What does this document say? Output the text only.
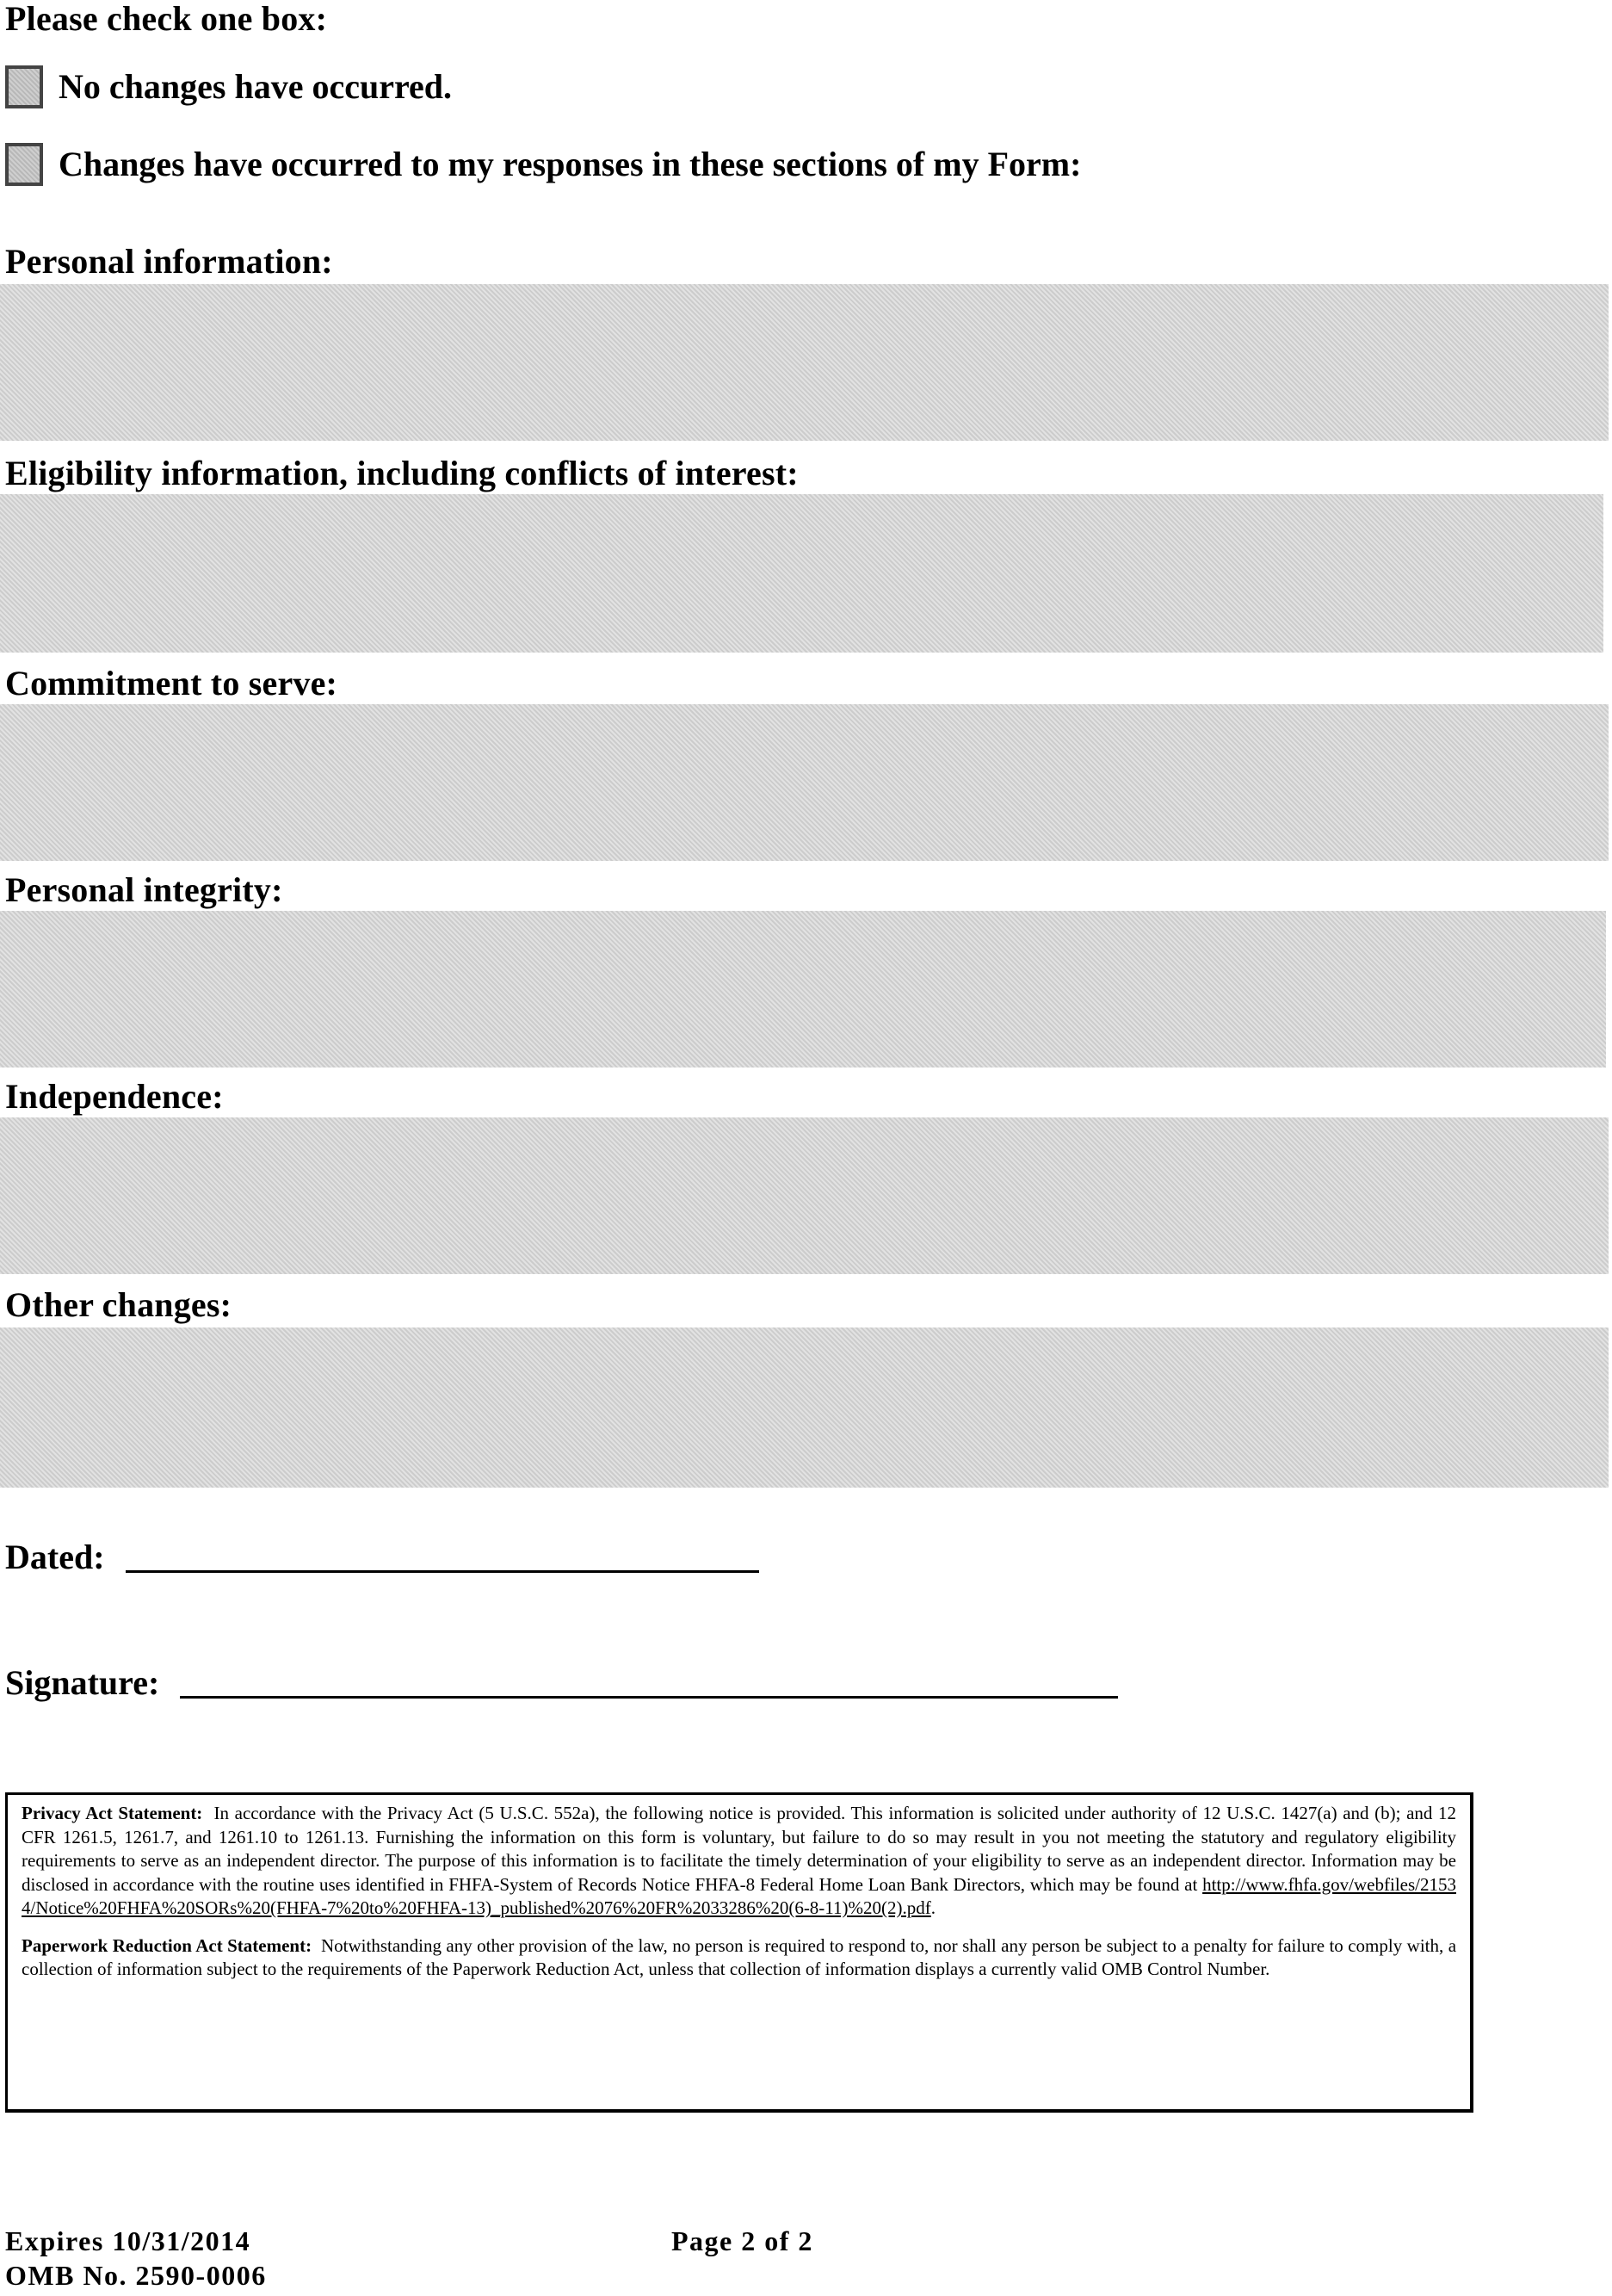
Please check one box:
No changes have occurred.
Changes have occurred to my responses in these sections of my Form:
Personal information:
Eligibility information, including conflicts of interest:
Commitment to serve:
Personal integrity:
Independence:
Other changes:
Dated:
Signature:

Privacy Act Statement: In accordance with the Privacy Act (5 U.S.C. 552a), the following notice is provided. This information is solicited under authority of 12 U.S.C. 1427(a) and (b); and 12 CFR 1261.5, 1261.7, and 1261.10 to 1261.13. Furnishing the information on this form is voluntary, but failure to do so may result in you not meeting the statutory and regulatory eligibility requirements to serve as an independent director. The purpose of this information is to facilitate the timely determination of your eligibility to serve as an independent director. Information may be disclosed in accordance with the routine uses identified in FHFA-System of Records Notice FHFA-8 Federal Home Loan Bank Directors, which may be found at http://www.fhfa.gov/webfiles/21534/Notice%20FHFA%20SORs%20(FHFA-7%20to%20FHFA-13)_published%2076%20FR%2033286%20(6-8-11)%20(2).pdf.

Paperwork Reduction Act Statement: Notwithstanding any other provision of the law, no person is required to respond to, nor shall any person be subject to a penalty for failure to comply with, a collection of information subject to the requirements of the Paperwork Reduction Act, unless that collection of information displays a currently valid OMB Control Number.

Expires 10/31/2014
OMB No. 2590-0006
Page 2 of 2
